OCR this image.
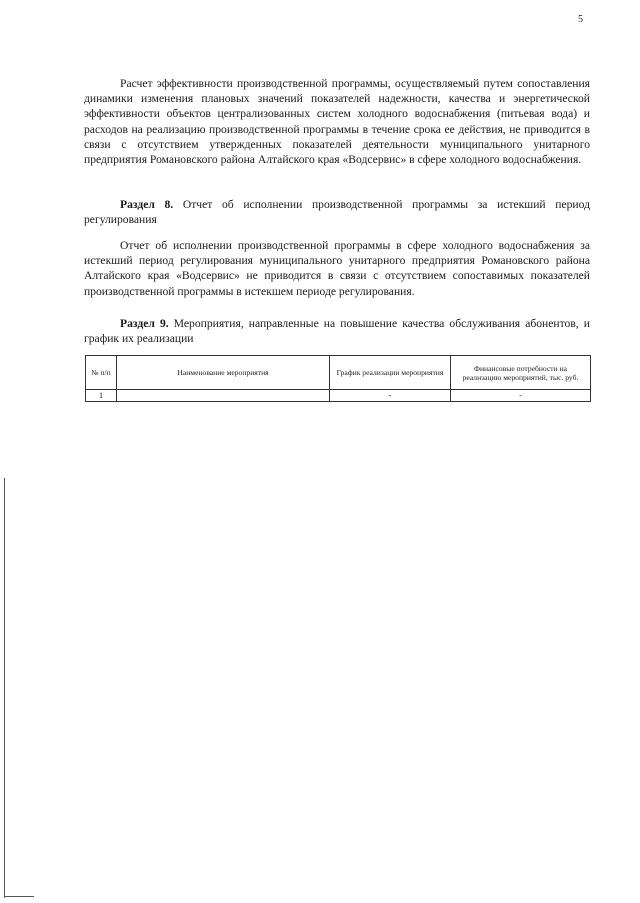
5

Расчет эффективности производственной программы, осуществляемый путем сопоставления динамики изменения плановых значений показателей надежности, качества и энергетической эффективности объектов централизованных систем холодного водоснабжения (питьевая вода) и расходов на реализацию производственной программы в течение срока ее действия, не приводится в связи с отсутствием утвержденных показателей деятельности муниципального унитарного предприятия Романовского района Алтайского края «Водсервис» в сфере холодного водоснабжения.

Раздел 8. Отчет об исполнении производственной программы за истекший период регулирования

Отчет об исполнении производственной программы в сфере холодного водоснабжения за истекший период регулирования муниципального унитарного предприятия Романовского района Алтайского края «Водсервис» не приводится в связи с отсутствием сопоставимых показателей производственной программы в истекшем периоде регулирования.

Раздел 9. Мероприятия, направленные на повышение качества обслуживания абонентов, и график их реализации

№ п/п	Наименование мероприятия	График реализации мероприятия	Финансовые потребности на реализацию мероприятий, тыс. руб.
1		-	-
